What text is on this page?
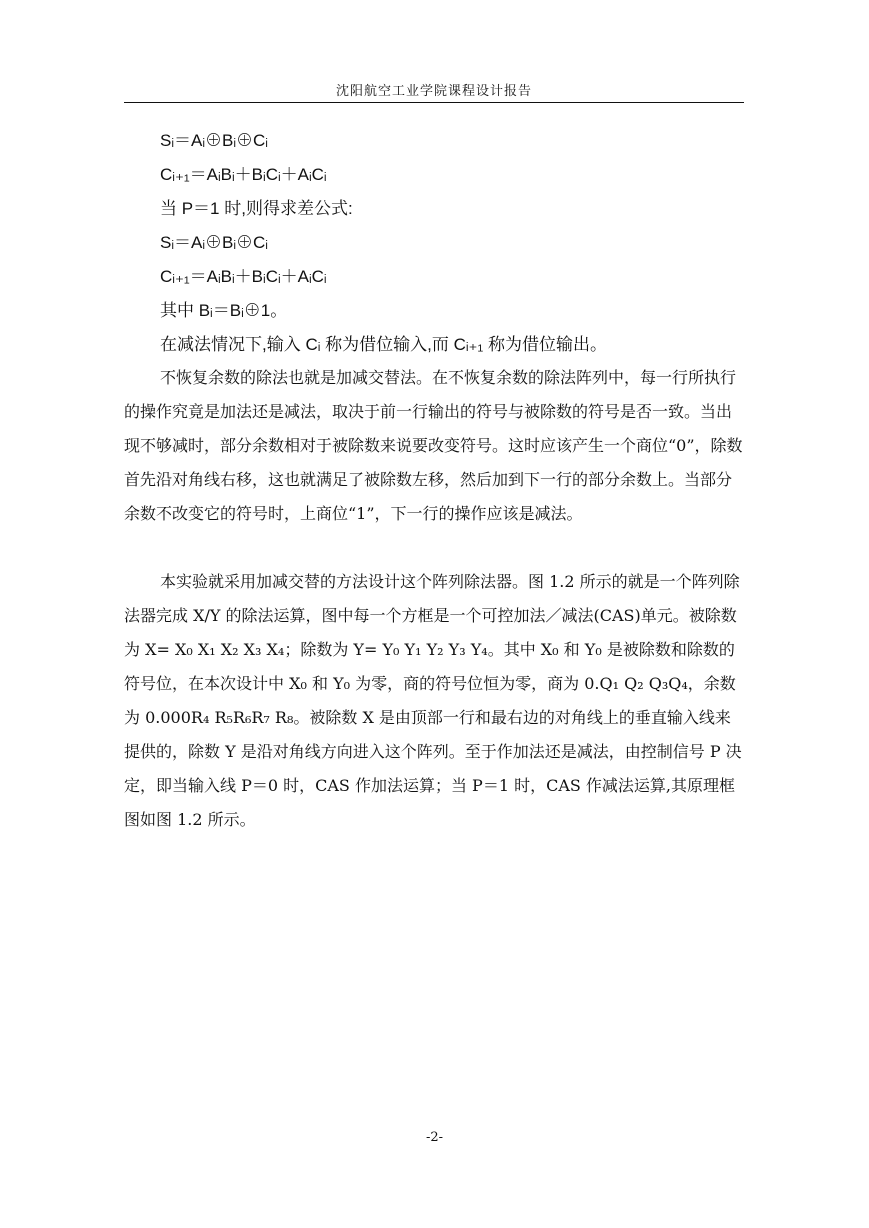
沈阳航空工业学院课程设计报告
Sᵢ＝Aᵢ⊕Bᵢ⊕Cᵢ
Cᵢ₊₁＝AᵢBᵢ＋BᵢCᵢ＋AᵢCᵢ
当 P＝1 时,则得求差公式:
Sᵢ＝Aᵢ⊕Bᵢ⊕Cᵢ
Cᵢ₊₁＝AᵢBᵢ＋BᵢCᵢ＋AᵢCᵢ
其中 Bᵢ＝Bᵢ⊕1。
在减法情况下,输入 Cᵢ 称为借位输入,而 Cᵢ₊₁ 称为借位输出。
不恢复余数的除法也就是加减交替法。在不恢复余数的除法阵列中，每一行所执行的操作究竟是加法还是减法，取决于前一行输出的符号与被除数的符号是否一致。当出现不够减时，部分余数相对于被除数来说要改变符号。这时应该产生一个商位“0”，除数首先沿对角线右移，这也就满足了被除数左移，然后加到下一行的部分余数上。当部分余数不改变它的符号时，上商位“1”，下一行的操作应该是减法。
本实验就采用加减交替的方法设计这个阵列除法器。图 1.2 所示的就是一个阵列除法器完成 X/Y 的除法运算，图中每一个方框是一个可控加法／减法(CAS)单元。被除数为 X= X₀ X₁ X₂ X₃ X₄；除数为 Y= Y₀ Y₁ Y₂ Y₃ Y₄。其中 X₀ 和 Y₀ 是被除数和除数的符号位，在本次设计中 X₀ 和 Y₀ 为零，商的符号位恒为零，商为 0.Q₁ Q₂ Q₃Q₄，余数为 0.000R₄ R₅R₆R₇ R₈。被除数 X 是由顶部一行和最右边的对角线上的垂直输入线来提供的，除数 Y 是沿对角线方向进入这个阵列。至于作加法还是减法，由控制信号 P 决定，即当输入线 P＝0 时，CAS 作加法运算；当 P＝1 时，CAS 作减法运算,其原理框图如图 1.2 所示。
-2-
